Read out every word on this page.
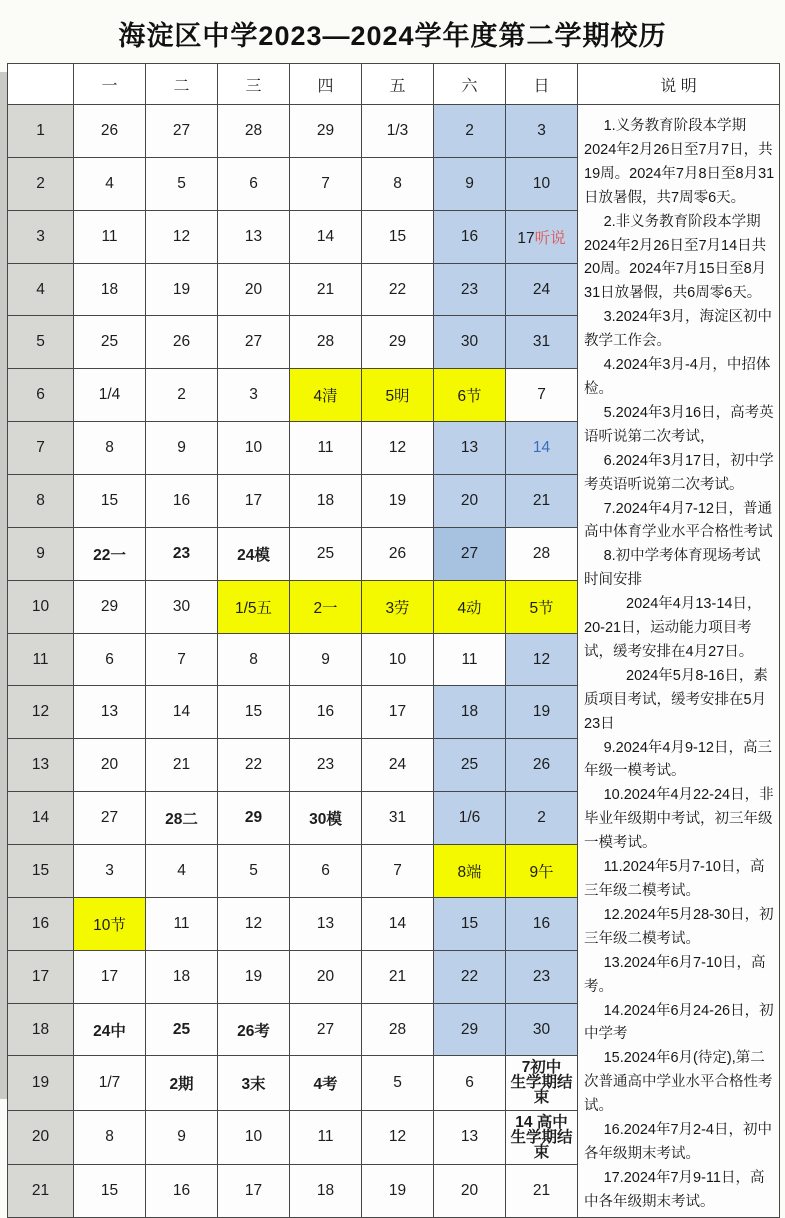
海淀区中学2023—2024学年度第二学期校历
	一	二	三	四	五	六	日	说 明
1	26	27	28	29	1/3	2	3	1.义务教育阶段本学期 2024年2月26日至7月7日，共19周。2024年7月8日至8月31日放暑假，共7周零6天。

2.非义务教育阶段本学期2024年2月26日至7月14日共20周。2024年7月15日至8月31日放暑假，共6周零6天。

3.2024年3月，海淀区初中教学工作会。

4.2024年3月-4月，中招体检。

5.2024年3月16日，高考英语听说第二次考试，

6.2024年3月17日，初中学考英语听说第二次考试。

7.2024年4月7-12日，普通高中体育学业水平合格性考试

8.初中学考体育现场考试时间安排

2024年4月13-14日，20-21日，运动能力项目考试，缓考安排在4月27日。

2024年5月8-16日，素质项目考试，缓考安排在5月23日

9.2024年4月9-12日，高三年级一模考试。

10.2024年4月22-24日，非毕业年级期中考试，初三年级一模考试。

11.2024年5月7-10日，高三年级二模考试。

12.2024年5月28-30日，初三年级二模考试。

13.2024年6月7-10日，高考。

14.2024年6月24-26日，初中学考

15.2024年6月(待定),第二次普通高中学业水平合格性考试。

16.2024年7月2-4日，初中各年级期末考试。

17.2024年7月9-11日，高中各年级期末考试。

2	4	5	6	7	8	9	10	
3	11	12	13	14	15	16	17听说	
4	18	19	20	21	22	23	24	
5	25	26	27	28	29	30	31	
6	1/4	2	3	4清	5明	6节	7	
7	8	9	10	11	12	13	14	
8	15	16	17	18	19	20	21	
9	22一	23	24模	25	26	27	28	
10	29	30	1/5五	2一	3劳	4动	5节	
11	6	7	8	9	10	11	12	
12	13	14	15	16	17	18	19	
13	20	21	22	23	24	25	26	
14	27	28二	29	30模	31	1/6	2	
15	3	4	5	6	7	8端	9午	
16	10节	11	12	13	14	15	16	
17	17	18	19	20	21	22	23	
18	24中	25	26考	27	28	29	30	
19	1/7	2期	3末	4考	5	6	7初中
生学期结束	

20	8	9	10	11	12	13	14 高中
生学期结束	

21	15	16	17	18	19	20	21	
